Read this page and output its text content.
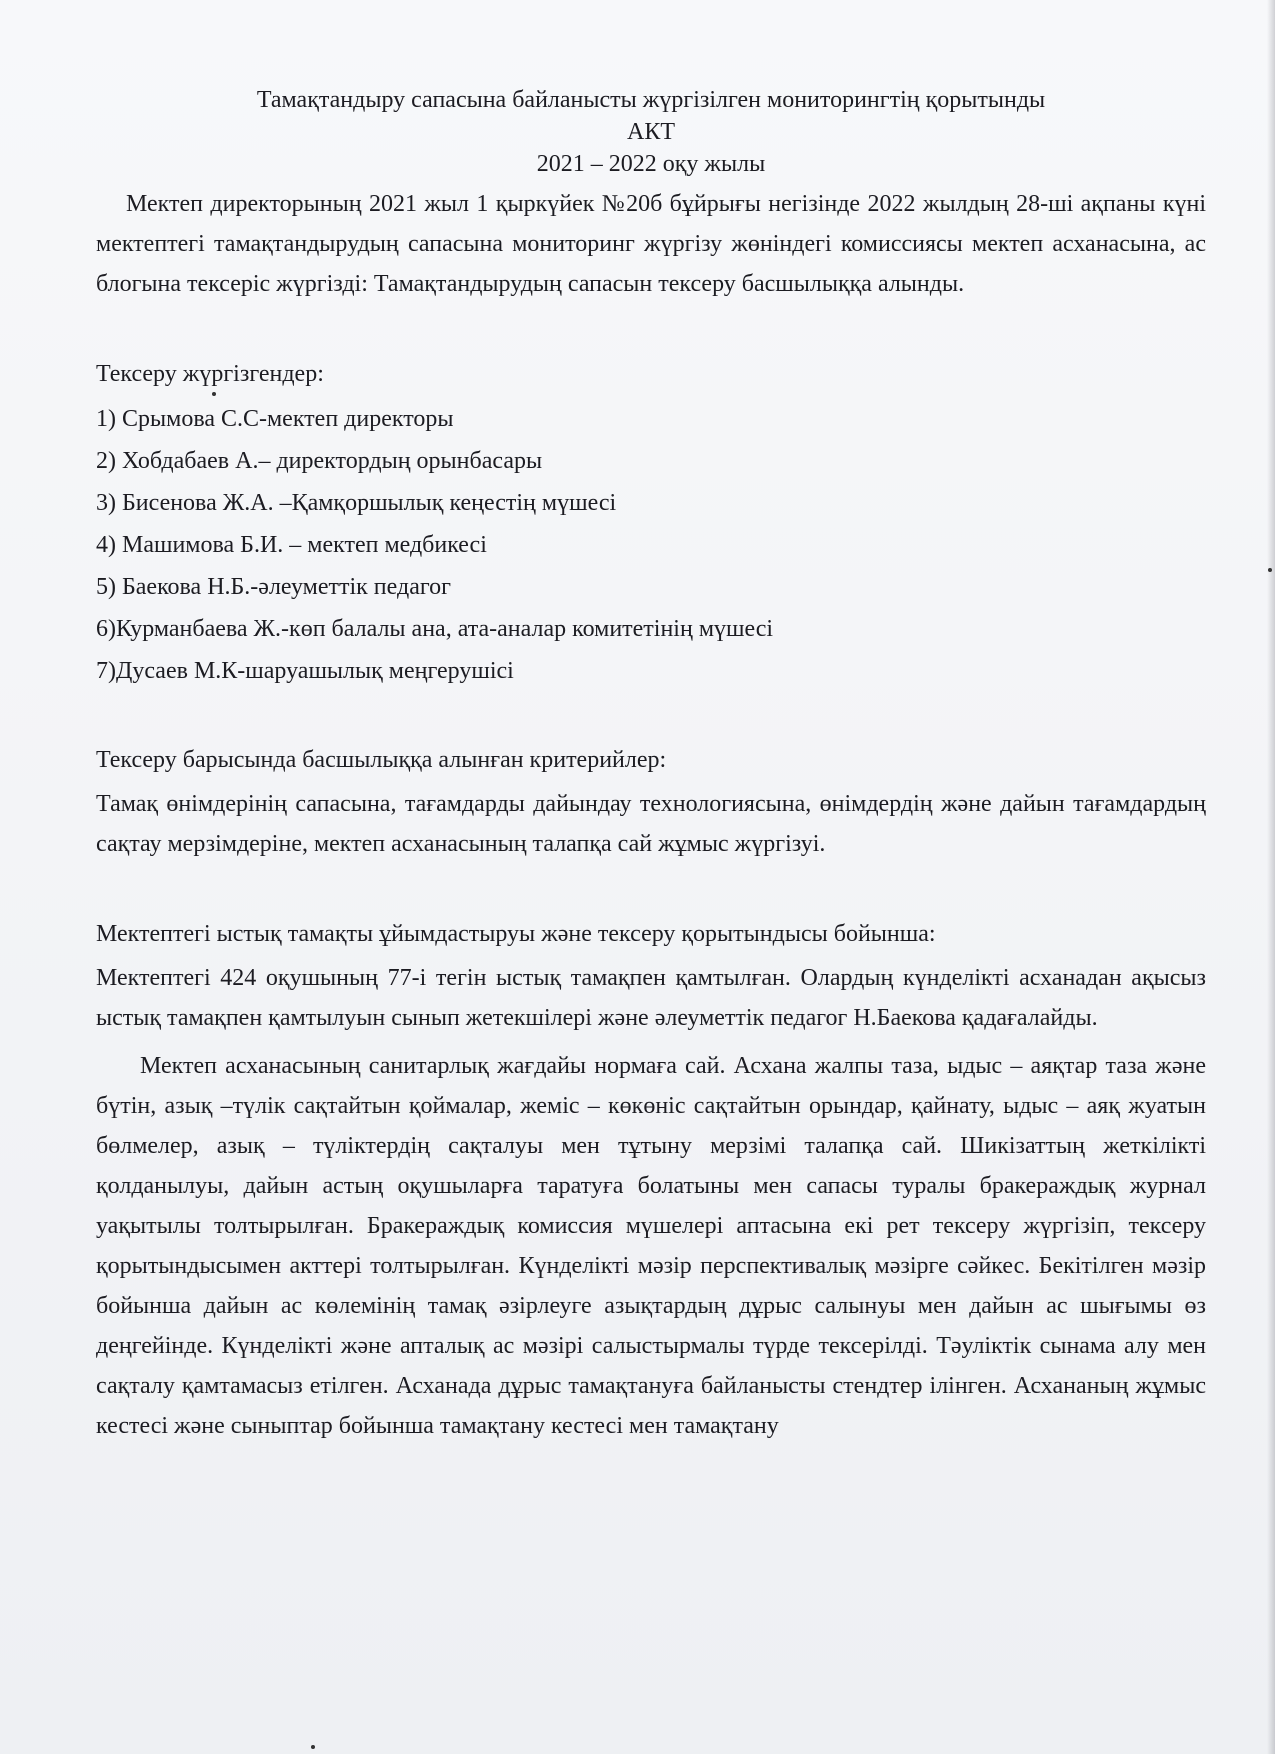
Тамақтандыру сапасына байланысты жүргізілген мониторингтің қорытынды

АКТ

2021 – 2022 оқу жылы

Мектеп директорының 2021 жыл 1 қыркүйек №20б бұйрығы негізінде 2022 жылдың 28-ші ақпаны күні мектептегі тамақтандырудың сапасына мониторинг жүргізу жөніндегі комиссиясы мектеп асханасына, ас блогына тексеріс жүргізді: Тамақтандырудың сапасын тексеру басшылыққа алынды.

Тексеру жүргізгендер:

1) Срымова С.С-мектеп директоры
2) Хобдабаев А.– директордың орынбасары
3) Бисенова Ж.А. –Қамқоршылық кеңестің мүшесі
4) Машимова Б.И. – мектеп медбикесі
5) Баекова Н.Б.-әлеуметтік педагог
6)Курманбаева Ж.-көп балалы ана, ата-аналар комитетінің мүшесі
7)Дусаев М.К-шаруашылық меңгерушісі

Тексеру барысында басшылыққа алынған критерийлер:

Тамақ өнімдерінің сапасына, тағамдарды дайындау технологиясына, өнімдердің және дайын тағамдардың сақтау мерзімдеріне, мектеп асханасының талапқа сай жұмыс жүргізуі.

Мектептегі ыстық тамақты ұйымдастыруы және тексеру қорытындысы бойынша:

Мектептегі 424 оқушының 77-і тегін ыстық тамақпен қамтылған. Олардың күнделікті асханадан ақысыз ыстық тамақпен қамтылуын сынып жетекшілері және әлеуметтік педагог Н.Баекова қадағалайды.

Мектеп асханасының санитарлық жағдайы нормаға сай. Асхана жалпы таза, ыдыс – аяқтар таза және бүтін, азық –түлік сақтайтын қоймалар, жеміс – көкөніс сақтайтын орындар, қайнату, ыдыс – аяқ жуатын бөлмелер, азық – түліктердің сақталуы мен тұтыну мерзімі талапқа сай. Шикізаттың жеткілікті қолданылуы, дайын астың оқушыларға таратуға болатыны мен сапасы туралы бракераждық журнал уақытылы толтырылған. Бракераждық комиссия мүшелері аптасына екі рет тексеру жүргізіп, тексеру қорытындысымен акттері толтырылған. Күнделікті мәзір перспективалық мәзірге сәйкес. Бекітілген мәзір бойынша дайын ас көлемінің тамақ әзірлеуге азықтардың дұрыс салынуы мен дайын ас шығымы өз деңгейінде. Күнделікті және апталық ас мәзірі салыстырмалы түрде тексерілді. Тәуліктік сынама алу мен сақталу қамтамасыз етілген. Асханада дұрыс тамақтануға байланысты стендтер ілінген. Асхананың жұмыс кестесі және сыныптар бойынша тамақтану кестесі мен тамақтану
